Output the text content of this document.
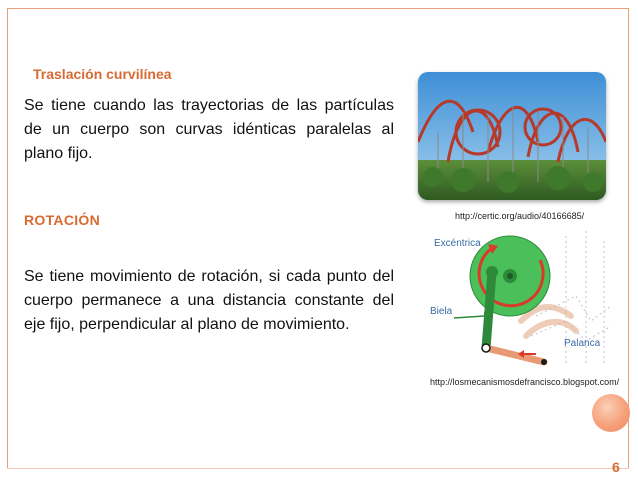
Traslación curvilínea

Se tiene cuando las trayectorias de las partículas de un cuerpo son curvas idénticas paralelas al plano fijo.

http://certic.org/audio/40166685/
ROTACIÓN
Excéntrica
Biela
Palanca

Se tiene movimiento de rotación, si cada punto del cuerpo permanece a una distancia constante del eje fijo, perpendicular al plano de movimiento.

http://losmecanismosdefrancisco.blogspot.com/

6
